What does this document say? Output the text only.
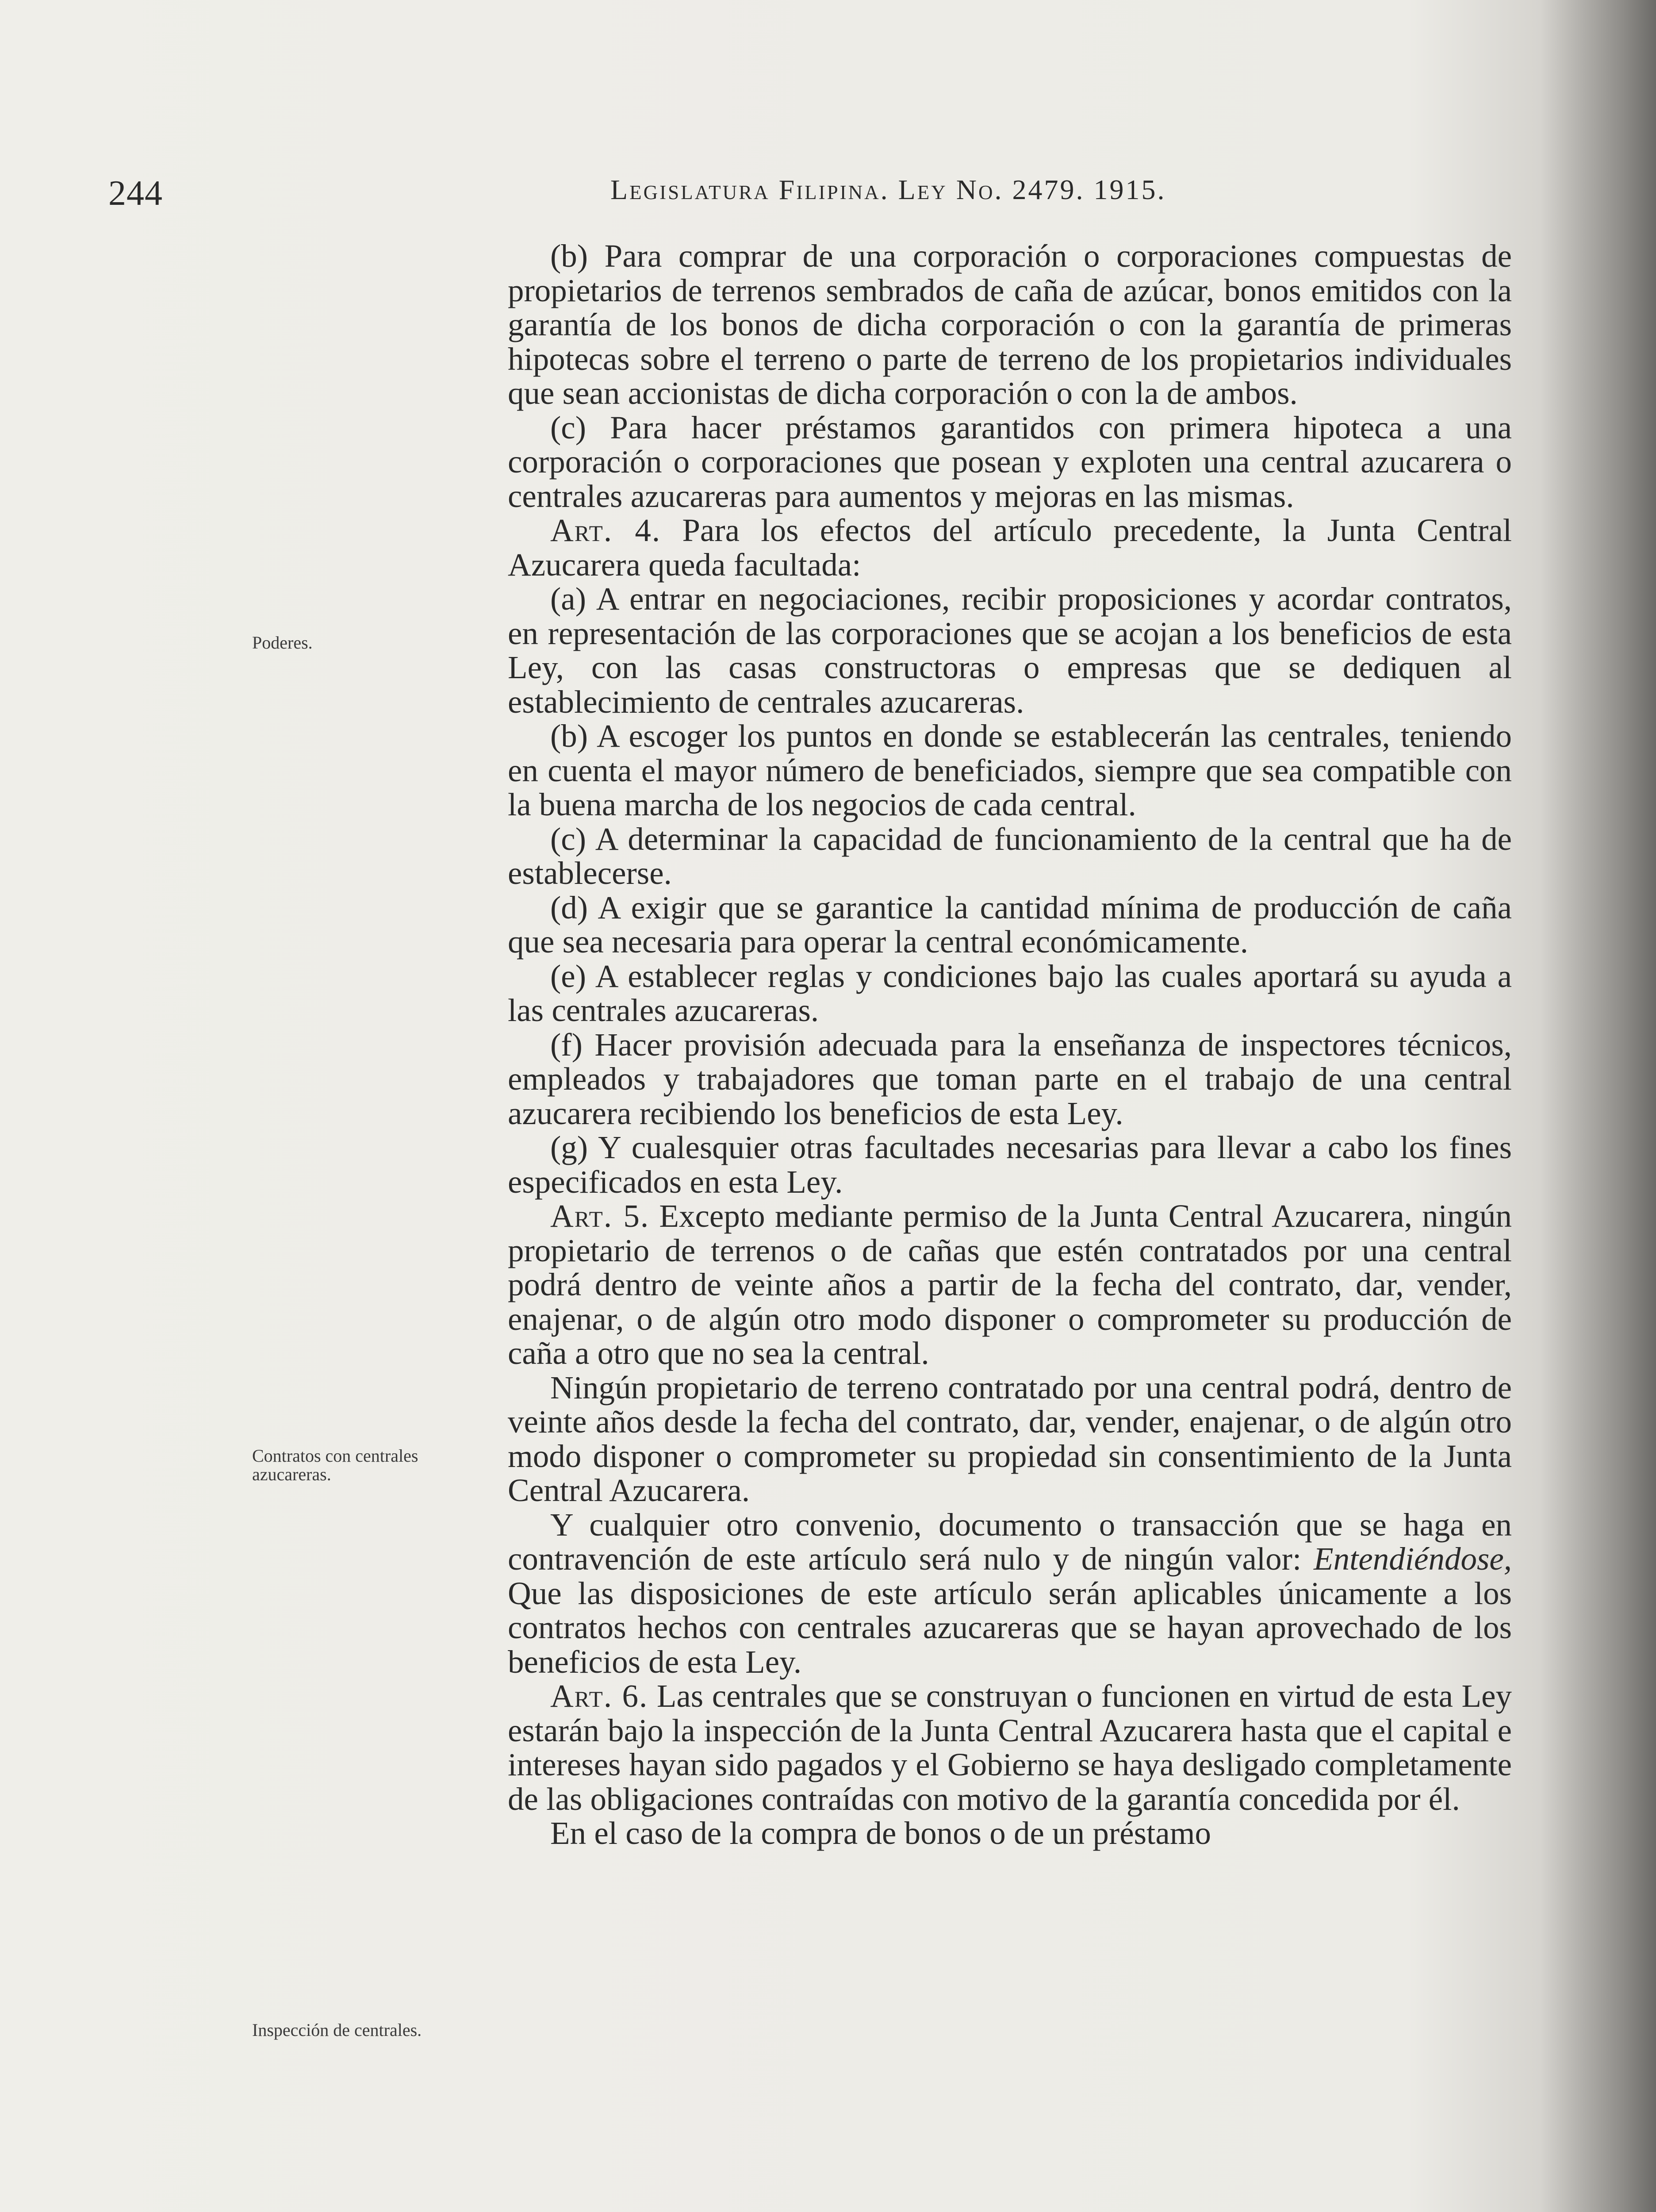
244	Legislatura Filipina. Ley No. 2479. 1915.
Poderes.
Contratos con centrales azucareras.
Inspección de centrales.

(b) Para comprar de una corporación o corporaciones compuestas de propietarios de terrenos sembrados de caña de azúcar, bonos emitidos con la garantía de los bonos de dicha corporación o con la garantía de primeras hipotecas sobre el terreno o parte de terreno de los propietarios individuales que sean accionistas de dicha corporación o con la de ambos.

(c) Para hacer préstamos garantidos con primera hipoteca a una corporación o corporaciones que posean y exploten una central azucarera o centrales azucareras para aumentos y mejoras en las mismas.

Art. 4. Para los efectos del artículo precedente, la Junta Central Azucarera queda facultada:

(a) A entrar en negociaciones, recibir proposiciones y acordar contratos, en representación de las corporaciones que se acojan a los beneficios de esta Ley, con las casas constructoras o empresas que se dediquen al establecimiento de centrales azucareras.

(b) A escoger los puntos en donde se establecerán las centrales, teniendo en cuenta el mayor número de beneficiados, siempre que sea compatible con la buena marcha de los negocios de cada central.

(c) A determinar la capacidad de funcionamiento de la central que ha de establecerse.

(d) A exigir que se garantice la cantidad mínima de producción de caña que sea necesaria para operar la central económicamente.

(e) A establecer reglas y condiciones bajo las cuales aportará su ayuda a las centrales azucareras.

(f) Hacer provisión adecuada para la enseñanza de inspectores técnicos, empleados y trabajadores que toman parte en el trabajo de una central azucarera recibiendo los beneficios de esta Ley.

(g) Y cualesquier otras facultades necesarias para llevar a cabo los fines especificados en esta Ley.

Art. 5. Excepto mediante permiso de la Junta Central Azucarera, ningún propietario de terrenos o de cañas que estén contratados por una central podrá dentro de veinte años a partir de la fecha del contrato, dar, vender, enajenar, o de algún otro modo disponer o comprometer su producción de caña a otro que no sea la central.

Ningún propietario de terreno contratado por una central podrá, dentro de veinte años desde la fecha del contrato, dar, vender, enajenar, o de algún otro modo disponer o comprometer su propiedad sin consentimiento de la Junta Central Azucarera.

Y cualquier otro convenio, documento o transacción que se haga en contravención de este artículo será nulo y de ningún valor: Entendiéndose, Que las disposiciones de este artículo serán aplicables únicamente a los contratos hechos con centrales azucareras que se hayan aprovechado de los beneficios de esta Ley.

Art. 6. Las centrales que se construyan o funcionen en virtud de esta Ley estarán bajo la inspección de la Junta Central Azucarera hasta que el capital e intereses hayan sido pagados y el Gobierno se haya desligado completamente de las obligaciones contraídas con motivo de la garantía concedida por él.

En el caso de la compra de bonos o de un préstamo
